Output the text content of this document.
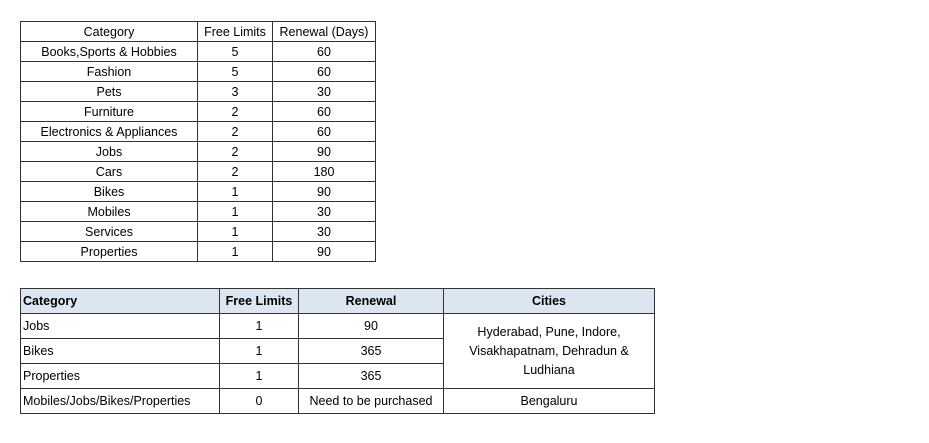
Category	Free Limits	Renewal (Days)
Books,Sports & Hobbies	5	60
Fashion	5	60
Pets	3	30
Furniture	2	60
Electronics & Appliances	2	60
Jobs	2	90
Cars	2	180
Bikes	1	90
Mobiles	1	30
Services	1	30
Properties	1	90
Category	Free Limits	Renewal	Cities
Jobs	1	90	Hyderabad, Pune, Indore, Visakhapatnam, Dehradun & Ludhiana
Bikes	1	365	
Properties	1	365	
Mobiles/Jobs/Bikes/Properties	0	Need to be purchased	Bengaluru
